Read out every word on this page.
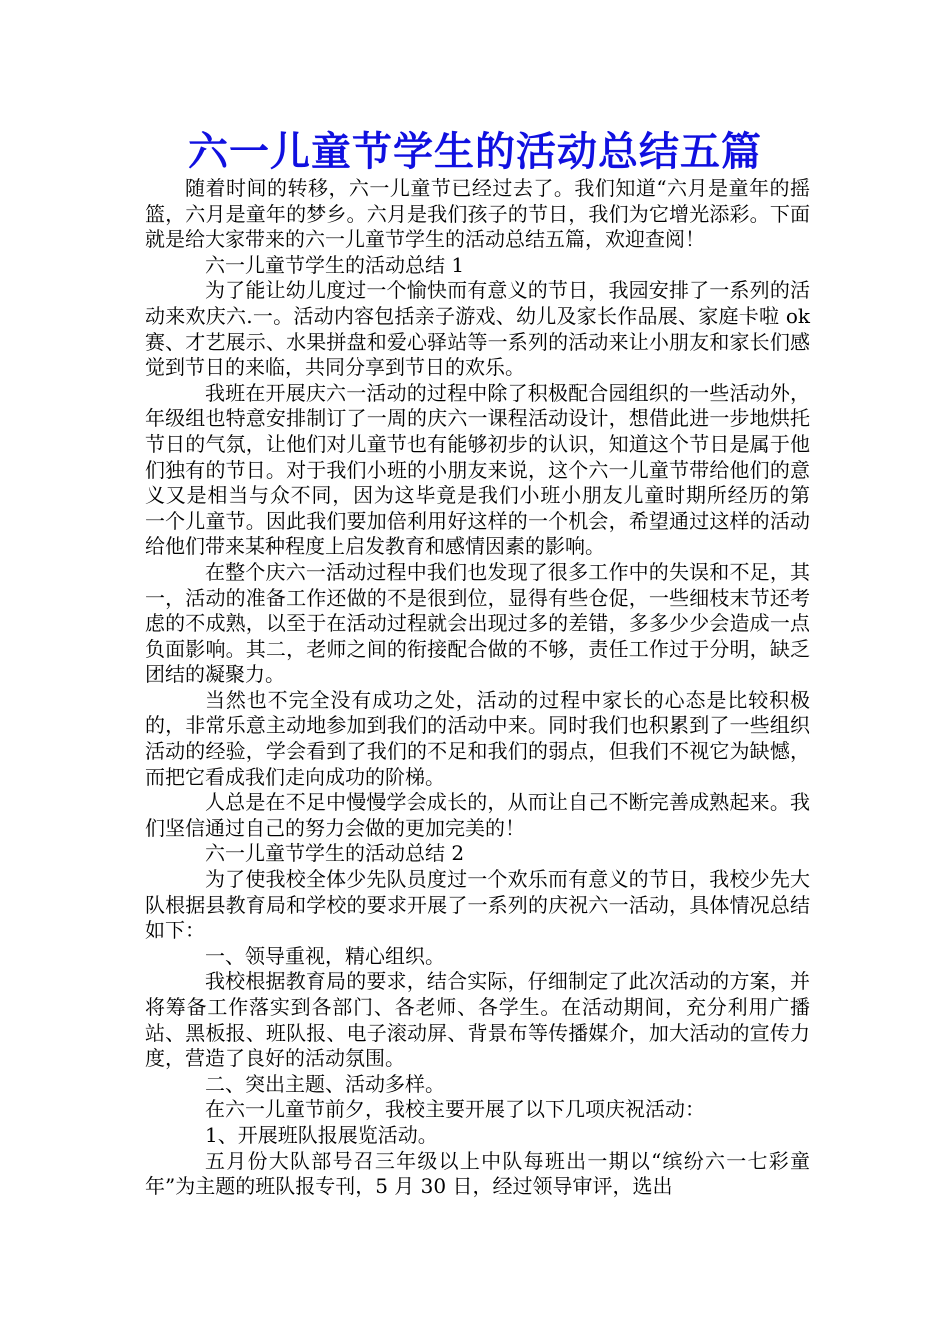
六一儿童节学生的活动总结五篇

随着时间的转移，六一儿童节已经过去了。我们知道“六月是童年的摇篮，六月是童年的梦乡。六月是我们孩子的节日，我们为它增光添彩。下面就是给大家带来的六一儿童节学生的活动总结五篇，欢迎查阅！

六一儿童节学生的活动总结 1

为了能让幼儿度过一个愉快而有意义的节日，我园安排了一系列的活动来欢庆六.一。活动内容包括亲子游戏、幼儿及家长作品展、家庭卡啦 ok 赛、才艺展示、水果拼盘和爱心驿站等一系列的活动来让小朋友和家长们感觉到节日的来临，共同分享到节日的欢乐。

我班在开展庆六一活动的过程中除了积极配合园组织的一些活动外，年级组也特意安排制订了一周的庆六一课程活动设计，想借此进一步地烘托节日的气氛，让他们对儿童节也有能够初步的认识，知道这个节日是属于他们独有的节日。对于我们小班的小朋友来说，这个六一儿童节带给他们的意义又是相当与众不同，因为这毕竟是我们小班小朋友儿童时期所经历的第 一个儿童节。因此我们要加倍利用好这样的一个机会，希望通过这样的活动给他们带来某种程度上启发教育和感情因素的影响。

在整个庆六一活动过程中我们也发现了很多工作中的失误和不足，其一，活动的准备工作还做的不是很到位，显得有些仓促，一些细枝末节还考虑的不成熟，以至于在活动过程就会出现过多的差错，多多少少会造成一点负面影响。其二，老师之间的衔接配合做的不够，责任工作过于分明，缺乏团结的凝聚力。

当然也不完全没有成功之处，活动的过程中家长的心态是比较积极的，非常乐意主动地参加到我们的活动中来。同时我们也积累到了一些组织活动的经验，学会看到了我们的不足和我们的弱点，但我们不视它为缺憾，而把它看成我们走向成功的阶梯。

人总是在不足中慢慢学会成长的，从而让自己不断完善成熟起来。我们坚信通过自己的努力会做的更加完美的！

六一儿童节学生的活动总结 2

为了使我校全体少先队员度过一个欢乐而有意义的节日，我校少先大队根据县教育局和学校的要求开展了一系列的庆祝六一活动，具体情况总结如下：

一、领导重视，精心组织。

我校根据教育局的要求，结合实际，仔细制定了此次活动的方案，并将筹备工作落实到各部门、各老师、各学生。在活动期间，充分利用广播站、黑板报、班队报、电子滚动屏、背景布等传播媒介，加大活动的宣传力度，营造了良好的活动氛围。

二、突出主题、活动多样。

在六一儿童节前夕，我校主要开展了以下几项庆祝活动：

1、开展班队报展览活动。

五月份大队部号召三年级以上中队每班出一期以“缤纷六一七彩童年”为主题的班队报专刊，5 月 30 日，经过领导审评，选出
